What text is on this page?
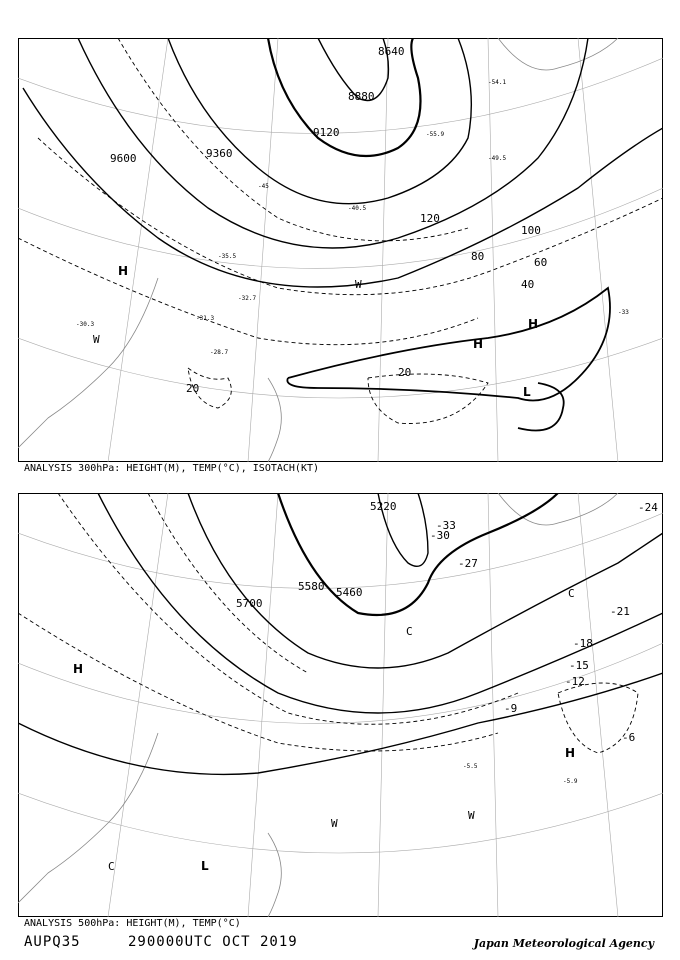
9600	9360
9120
8880
8640
40
60
80
100
120
20
20
-54.1
-45
-33
-30.3
-31.3
-28.7
-32.7
-35.5
-49.5
-40.5
-55.9
H
H
H
L
W
W
ANALYSIS 300hPa: HEIGHT(M), TEMP(°C), ISOTACH(KT)
5220
5460
5580
5700
-24
-21
-18
-15
-12
-9
-6
-27
-30
-33
-5.5
-5.9
H
H
C
C
C	L
W
W
ANALYSIS 500hPa: HEIGHT(M), TEMP(°C)
AUPQ35	290000UTC OCT 2019	Japan Meteorological Agency
